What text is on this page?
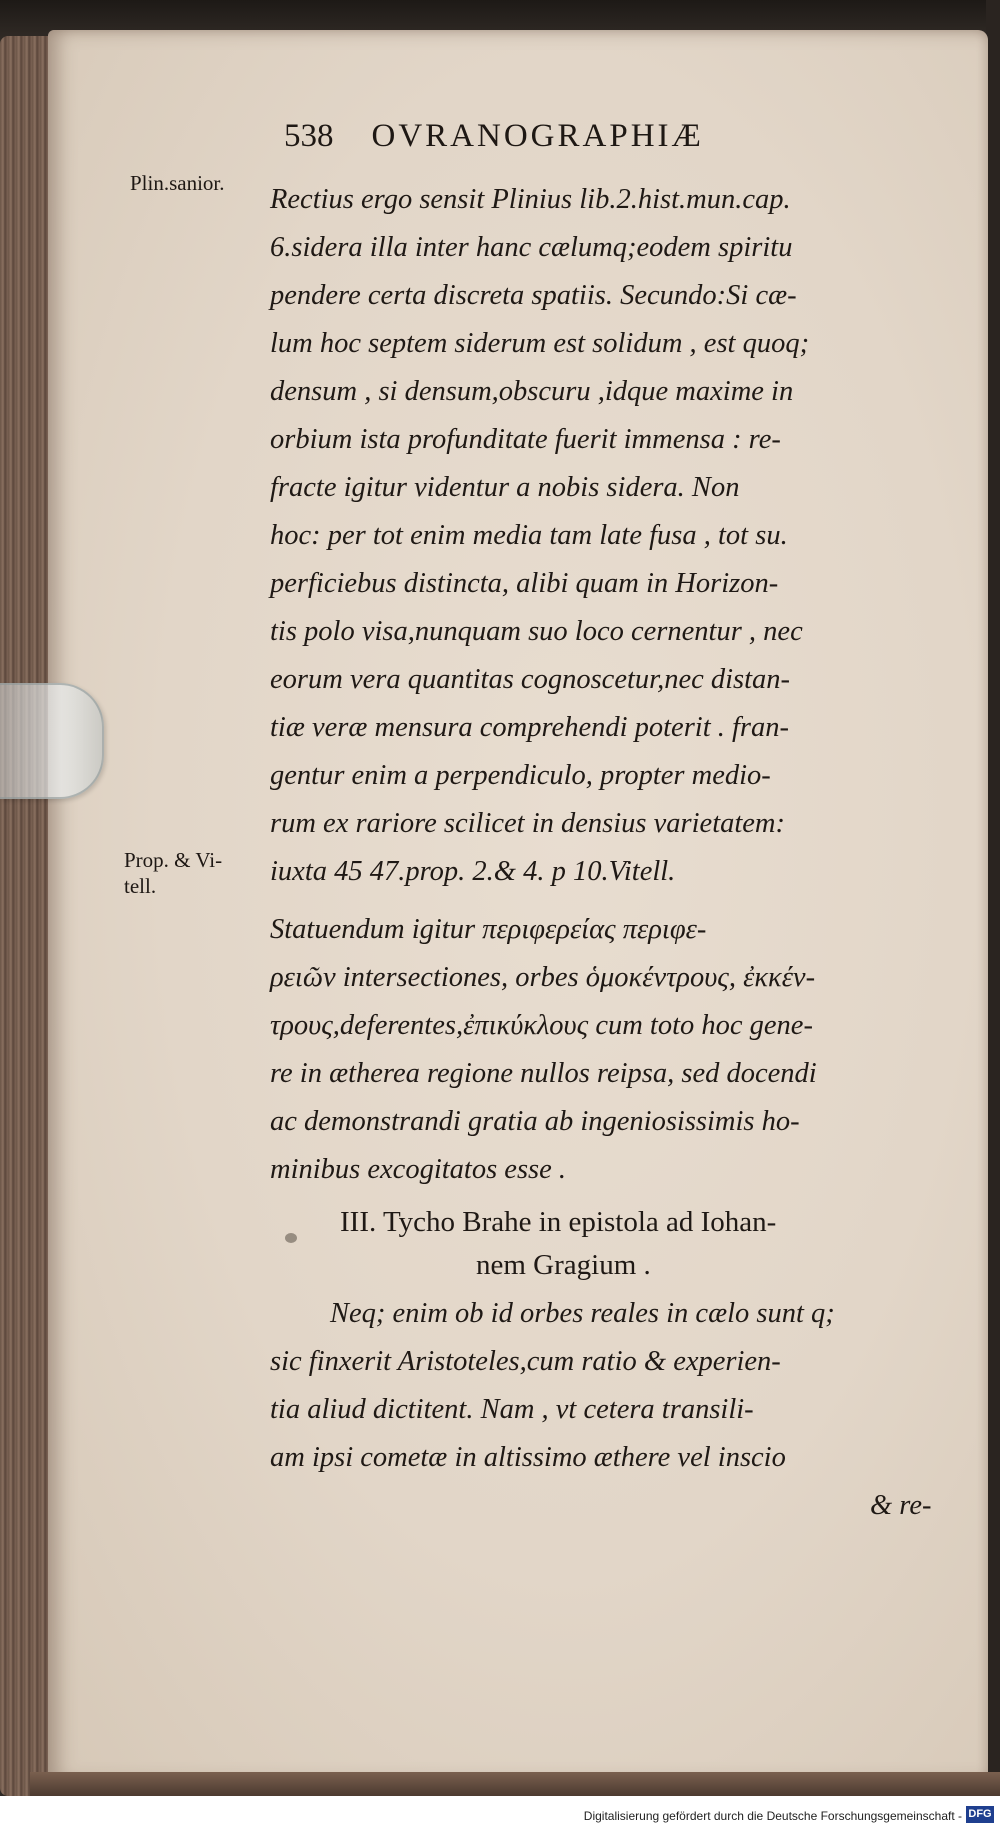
538 OVRANOGRAPHIÆ
Plin.sanior.
Prop. & Vi-
tell.
Rectius ergo sensit Plinius lib.2.hist.mun.cap.
6.sidera illa inter hanc cælumq;eodem spiritu
pendere certa discreta spatiis. Secundo:Si cæ-
lum hoc septem siderum est solidum , est quoq;
densum , si densum,obscuru ,idque maxime in
orbium ista profunditate fuerit immensa : re-
fracte igitur videntur a nobis sidera. Non
hoc: per tot enim media tam late fusa , tot su.
perficiebus distincta, alibi quam in Horizon-
tis polo visa,nunquam suo loco cernentur , nec
eorum vera quantitas cognoscetur,nec distan-
tiæ veræ mensura comprehendi poterit . fran-
gentur enim a perpendiculo, propter medio-
rum ex rariore scilicet in densius varietatem:
iuxta 45 47.prop. 2.& 4. p 10.Vitell.
Statuendum igitur περιφερείας περιφε-
ρειῶν intersectiones, orbes ὁμοκέντρους, ἐκκέν-
τρους,deferentes,ἐπικύκλους cum toto hoc gene-
re in ætherea regione nullos reipsa, sed docendi
ac demonstrandi gratia ab ingeniosissimis ho-
minibus excogitatos esse .
III. Tycho Brahe in epistola ad Iohan-
nem Gragium .
Neq; enim ob id orbes reales in cælo sunt q;
sic finxerit Aristoteles,cum ratio & experien-
tia aliud dictitent. Nam , vt cetera transili-
am ipsi cometæ in altissimo æthere vel inscio
& re-
Digitalisierung gefördert durch die Deutsche Forschungsgemeinschaft - DFG
